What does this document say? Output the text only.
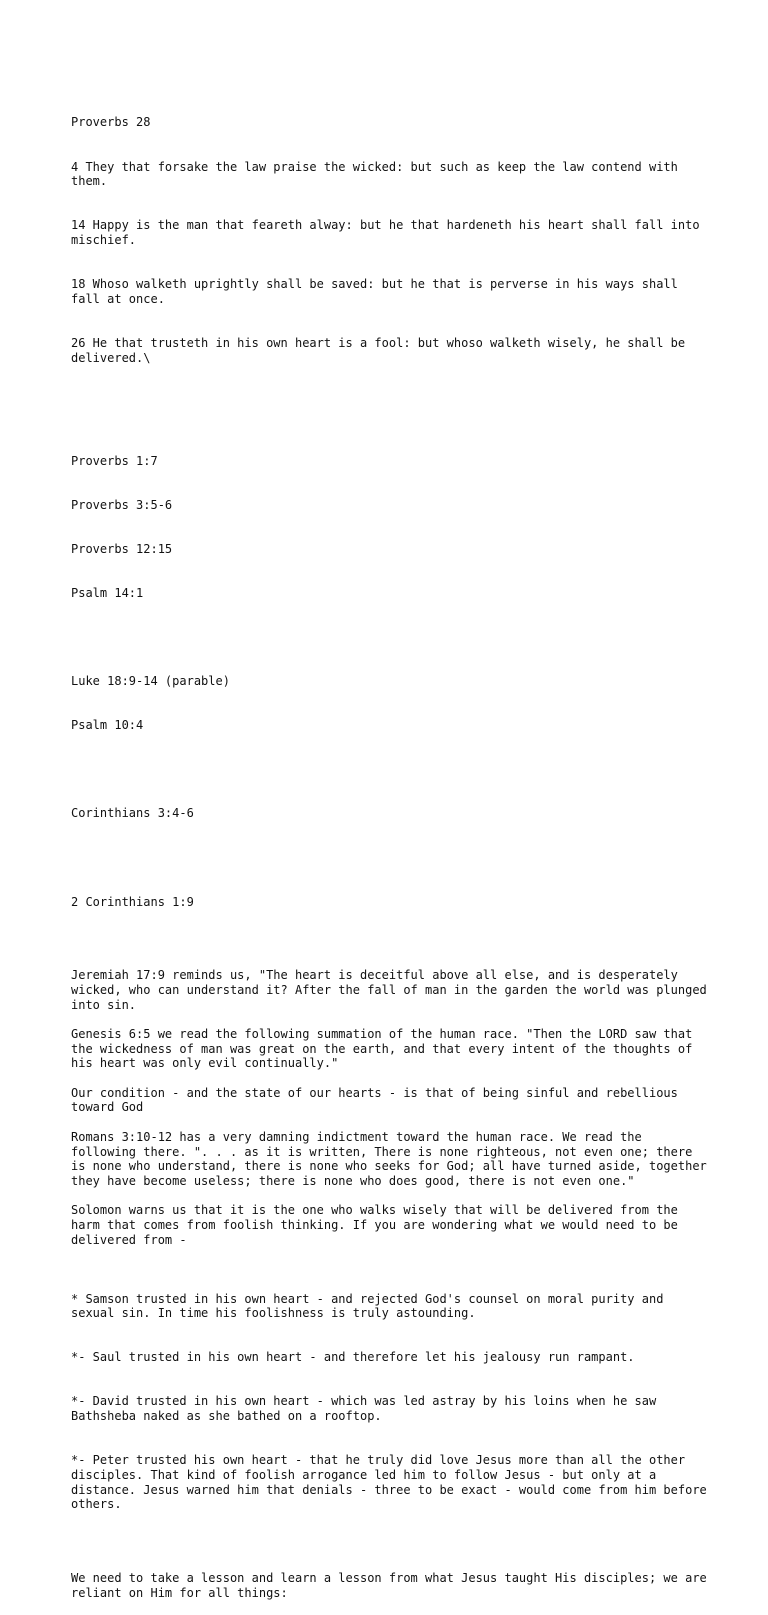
Proverbs 28

4 They that forsake the law praise the wicked: but such as keep the law contend with them.

14 Happy is the man that feareth alway: but he that hardeneth his heart shall fall into mischief.

18 Whoso walketh uprightly shall be saved: but he that is perverse in his ways shall fall at once.

26 He that trusteth in his own heart is a fool: but whoso walketh wisely, he shall be delivered.\

Proverbs 1:7

Proverbs 3:5-6

Proverbs 12:15

Psalm 14:1

Luke 18:9-14 (parable)

Psalm 10:4

Corinthians 3:4-6

2 Corinthians 1:9

Jeremiah 17:9 reminds us, "The heart is deceitful above all else, and is desperately wicked, who can understand it? After the fall of man in the garden the world was plunged into sin.
Genesis 6:5 we read the following summation of the human race. "Then the LORD saw that the wickedness of man was great on the earth, and that every intent of the thoughts of his heart was only evil continually."
Our condition - and the state of our hearts - is that of being sinful and rebellious toward God
Romans 3:10-12 has a very damning indictment toward the human race. We read the following there. ". . . as it is written, There is none righteous, not even one; there is none who understand, there is none who seeks for God; all have turned aside, together they have become useless; there is none who does good, there is not even one."
Solomon warns us that it is the one who walks wisely that will be delivered from the harm that comes from foolish thinking. If you are wondering what we would need to be delivered from -

* Samson trusted in his own heart - and rejected God's counsel on moral purity and sexual sin. In time his foolishness is truly astounding.

*- Saul trusted in his own heart - and therefore let his jealousy run rampant.

*- David trusted in his own heart - which was led astray by his loins when he saw Bathsheba naked as she bathed on a rooftop.

*- Peter trusted his own heart - that he truly did love Jesus more than all the other disciples. That kind of foolish arrogance led him to follow Jesus - but only at a distance. Jesus warned him that denials - three to be exact - would come from him before others.

We need to take a lesson and learn a lesson from what Jesus taught His disciples; we are reliant on Him for all things:
